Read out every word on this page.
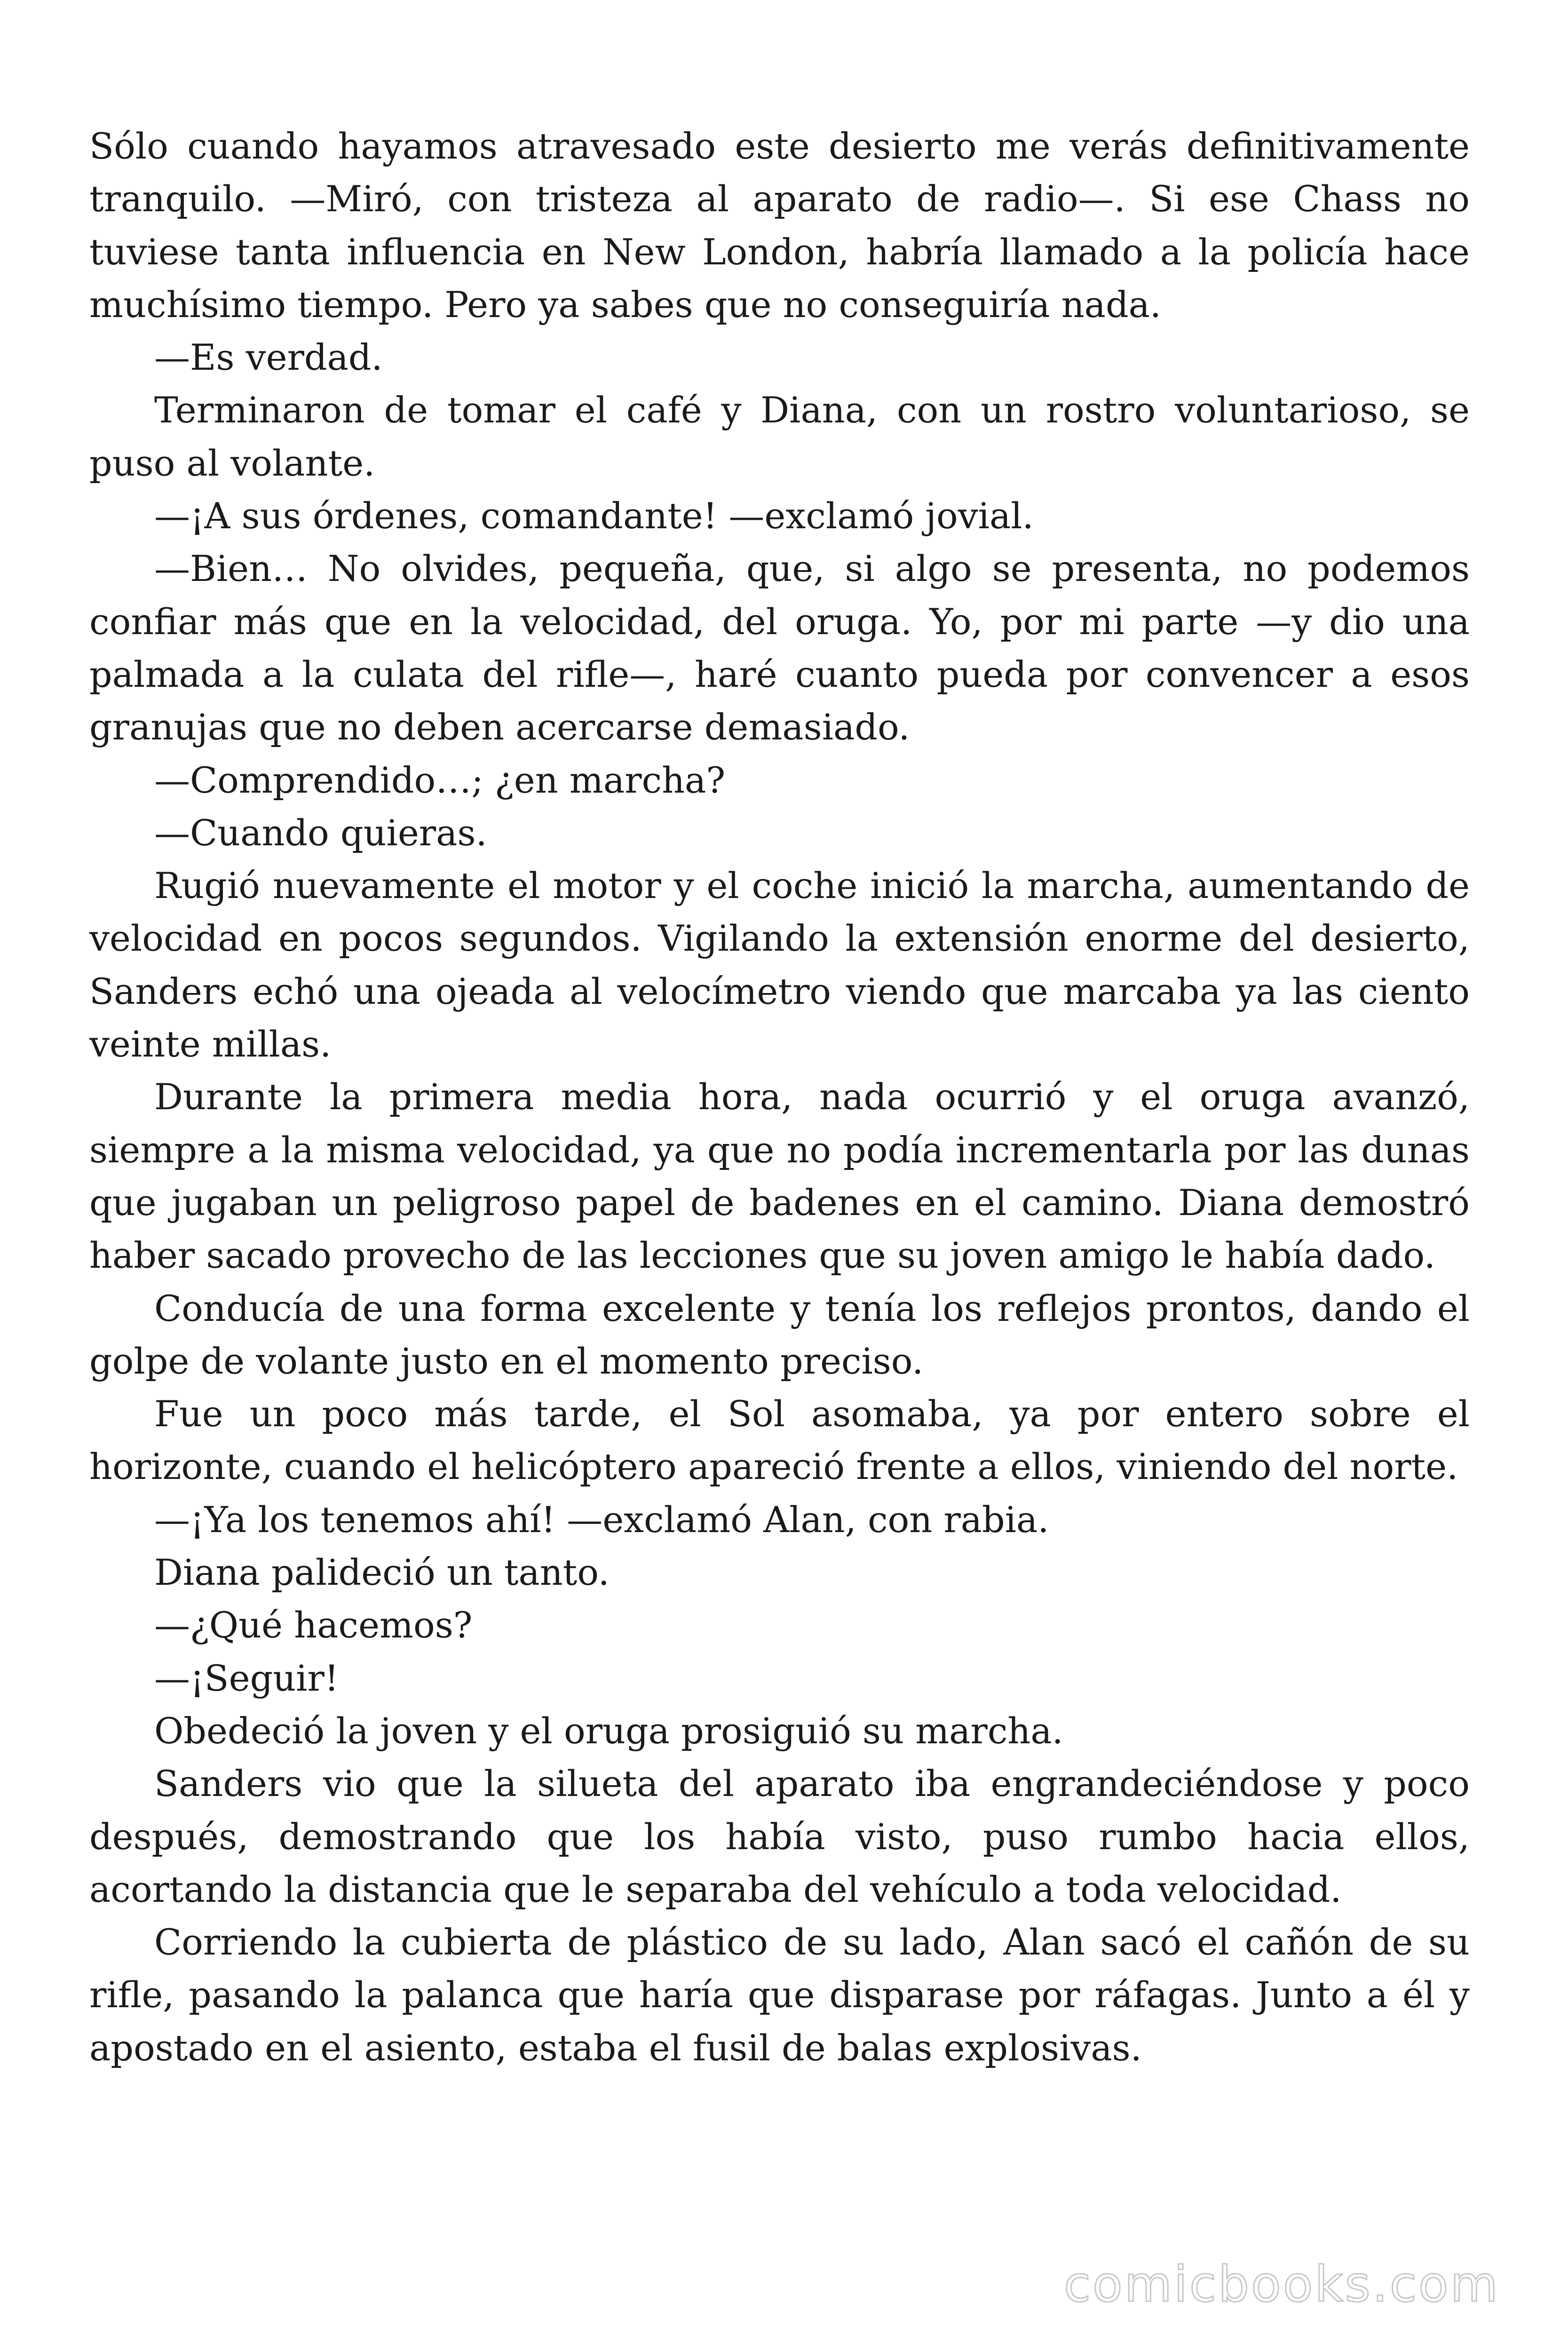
Sólo cuando hayamos atravesado este desierto me verás definitivamente tranquilo. —Miró, con tristeza al aparato de radio—. Si ese Chass no tuviese tanta influencia en New London, habría llamado a la policía hace muchísimo tiempo. Pero ya sabes que no conseguiría nada.

—Es verdad.

Terminaron de tomar el café y Diana, con un rostro voluntarioso, se puso al volante.

—¡A sus órdenes, comandante! —exclamó jovial.

—Bien… No olvides, pequeña, que, si algo se presenta, no podemos confiar más que en la velocidad, del oruga. Yo, por mi parte —y dio una palmada a la culata del rifle—, haré cuanto pueda por convencer a esos granujas que no deben acercarse demasiado.

—Comprendido…; ¿en marcha?

—Cuando quieras.

Rugió nuevamente el motor y el coche inició la marcha, aumentando de velocidad en pocos segundos. Vigilando la extensión enorme del desierto, Sanders echó una ojeada al velocímetro viendo que marcaba ya las ciento veinte millas.

Durante la primera media hora, nada ocurrió y el oruga avanzó, siempre a la misma velocidad, ya que no podía incrementarla por las dunas que jugaban un peligroso papel de badenes en el camino. Diana demostró haber sacado provecho de las lecciones que su joven amigo le había dado.

Conducía de una forma excelente y tenía los reflejos prontos, dando el golpe de volante justo en el momento preciso.

Fue un poco más tarde, el Sol asomaba, ya por entero sobre el horizonte, cuando el helicóptero apareció frente a ellos, viniendo del norte.

—¡Ya los tenemos ahí! —exclamó Alan, con rabia.

Diana palideció un tanto.

—¿Qué hacemos?

—¡Seguir!

Obedeció la joven y el oruga prosiguió su marcha.

Sanders vio que la silueta del aparato iba engrandeciéndose y poco después, demostrando que los había visto, puso rumbo hacia ellos, acortando la distancia que le separaba del vehículo a toda velocidad.

Corriendo la cubierta de plástico de su lado, Alan sacó el cañón de su rifle, pasando la palanca que haría que disparase por ráfagas. Junto a él y apostado en el asiento, estaba el fusil de balas explosivas.

comicbooks.com
